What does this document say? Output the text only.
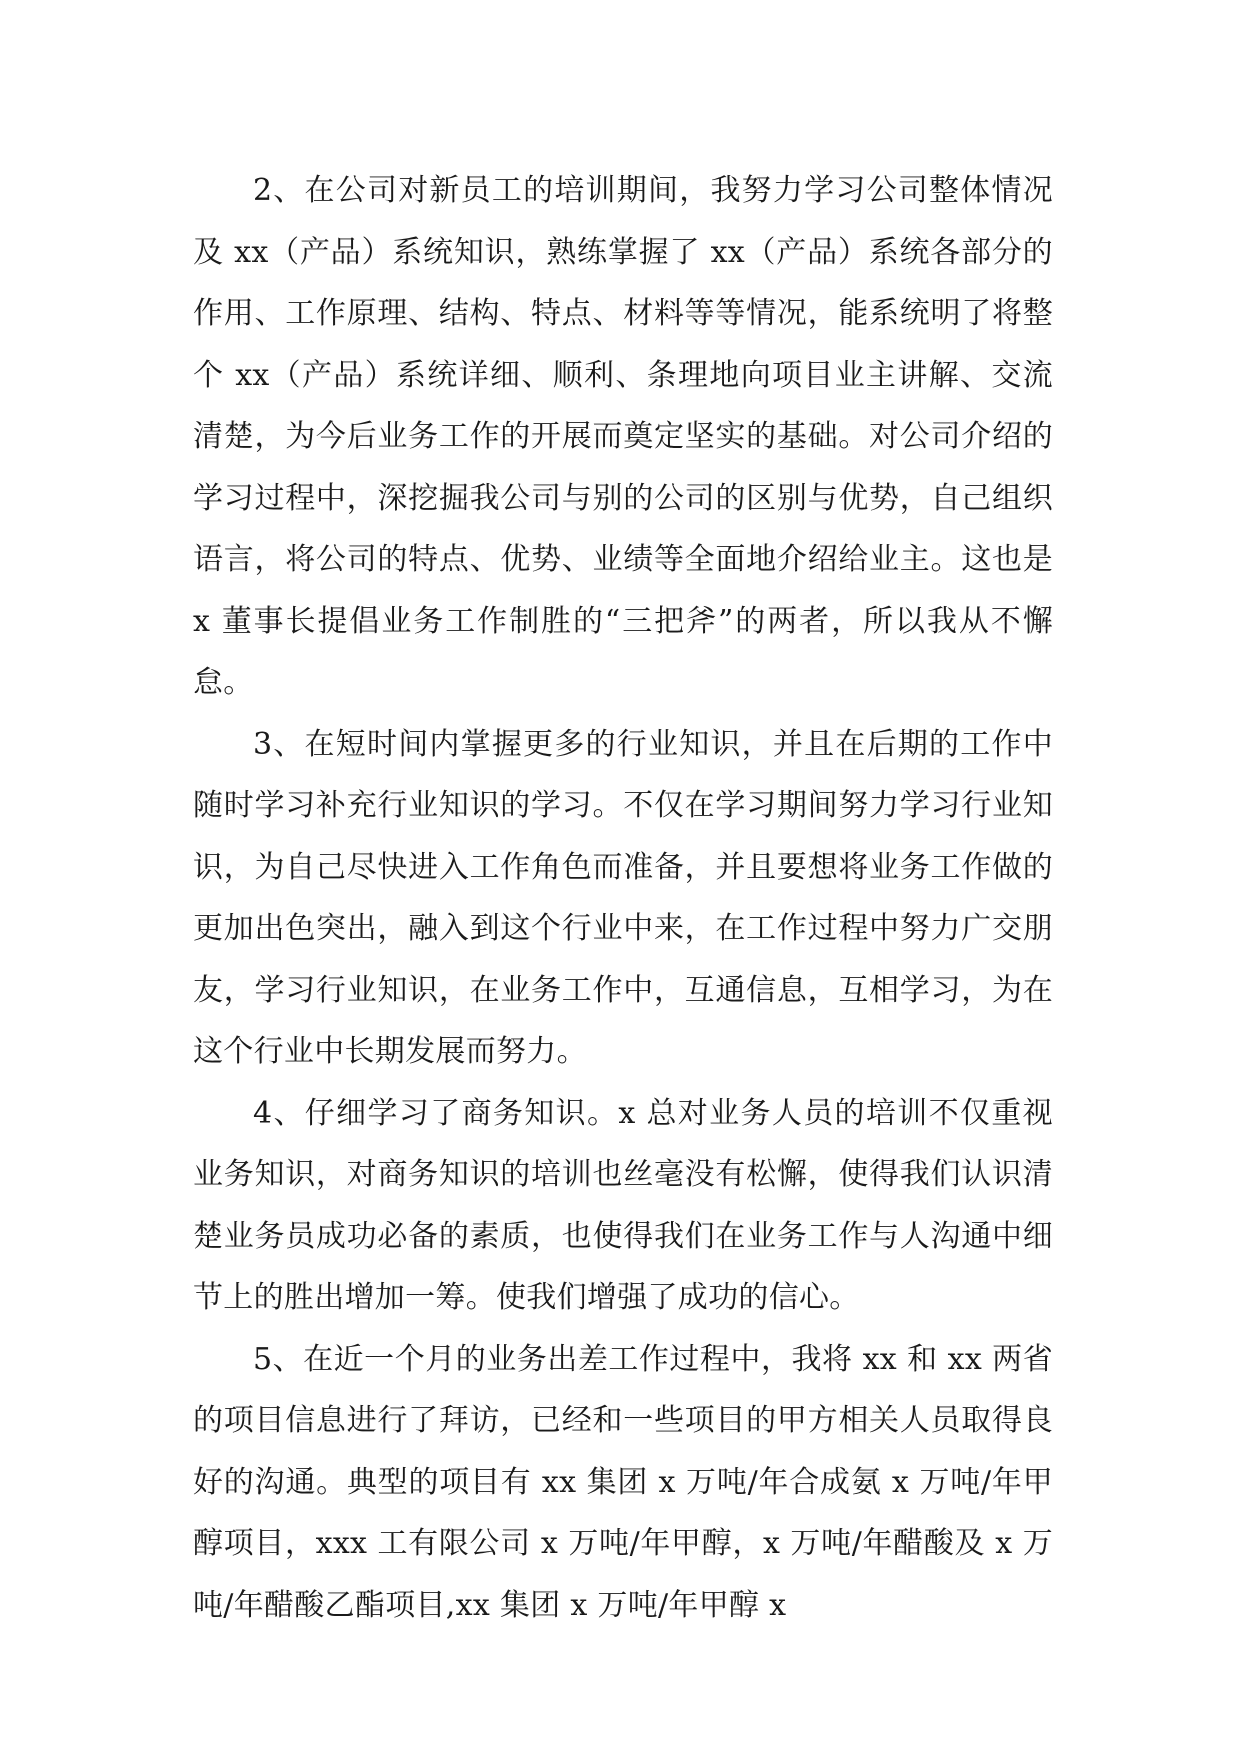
2、在公司对新员工的培训期间，我努力学习公司整体情况及 xx（产品）系统知识，熟练掌握了 xx（产品）系统各部分的作用、工作原理、结构、特点、材料等等情况，能系统明了将整个 xx（产品）系统详细、顺利、条理地向项目业主讲解、交流清楚，为今后业务工作的开展而奠定坚实的基础。对公司介绍的学习过程中，深挖掘我公司与别的公司的区别与优势，自己组织语言，将公司的特点、优势、业绩等全面地介绍给业主。这也是 x 董事长提倡业务工作制胜的“三把斧”的两者，所以我从不懈怠。

3、在短时间内掌握更多的行业知识，并且在后期的工作中随时学习补充行业知识的学习。不仅在学习期间努力学习行业知识，为自己尽快进入工作角色而准备，并且要想将业务工作做的更加出色突出，融入到这个行业中来，在工作过程中努力广交朋友，学习行业知识，在业务工作中，互通信息，互相学习，为在这个行业中长期发展而努力。

4、仔细学习了商务知识。x 总对业务人员的培训不仅重视业务知识，对商务知识的培训也丝毫没有松懈，使得我们认识清楚业务员成功必备的素质，也使得我们在业务工作与人沟通中细节上的胜出增加一筹。使我们增强了成功的信心。

5、在近一个月的业务出差工作过程中，我将 xx 和 xx 两省的项目信息进行了拜访，已经和一些项目的甲方相关人员取得良好的沟通。典型的项目有 xx 集团 x 万吨/年合成氨 x 万吨/年甲醇项目，xxx 工有限公司 x 万吨/年甲醇，x 万吨/年醋酸及 x 万吨/年醋酸乙酯项目,xx 集团 x 万吨/年甲醇 x
